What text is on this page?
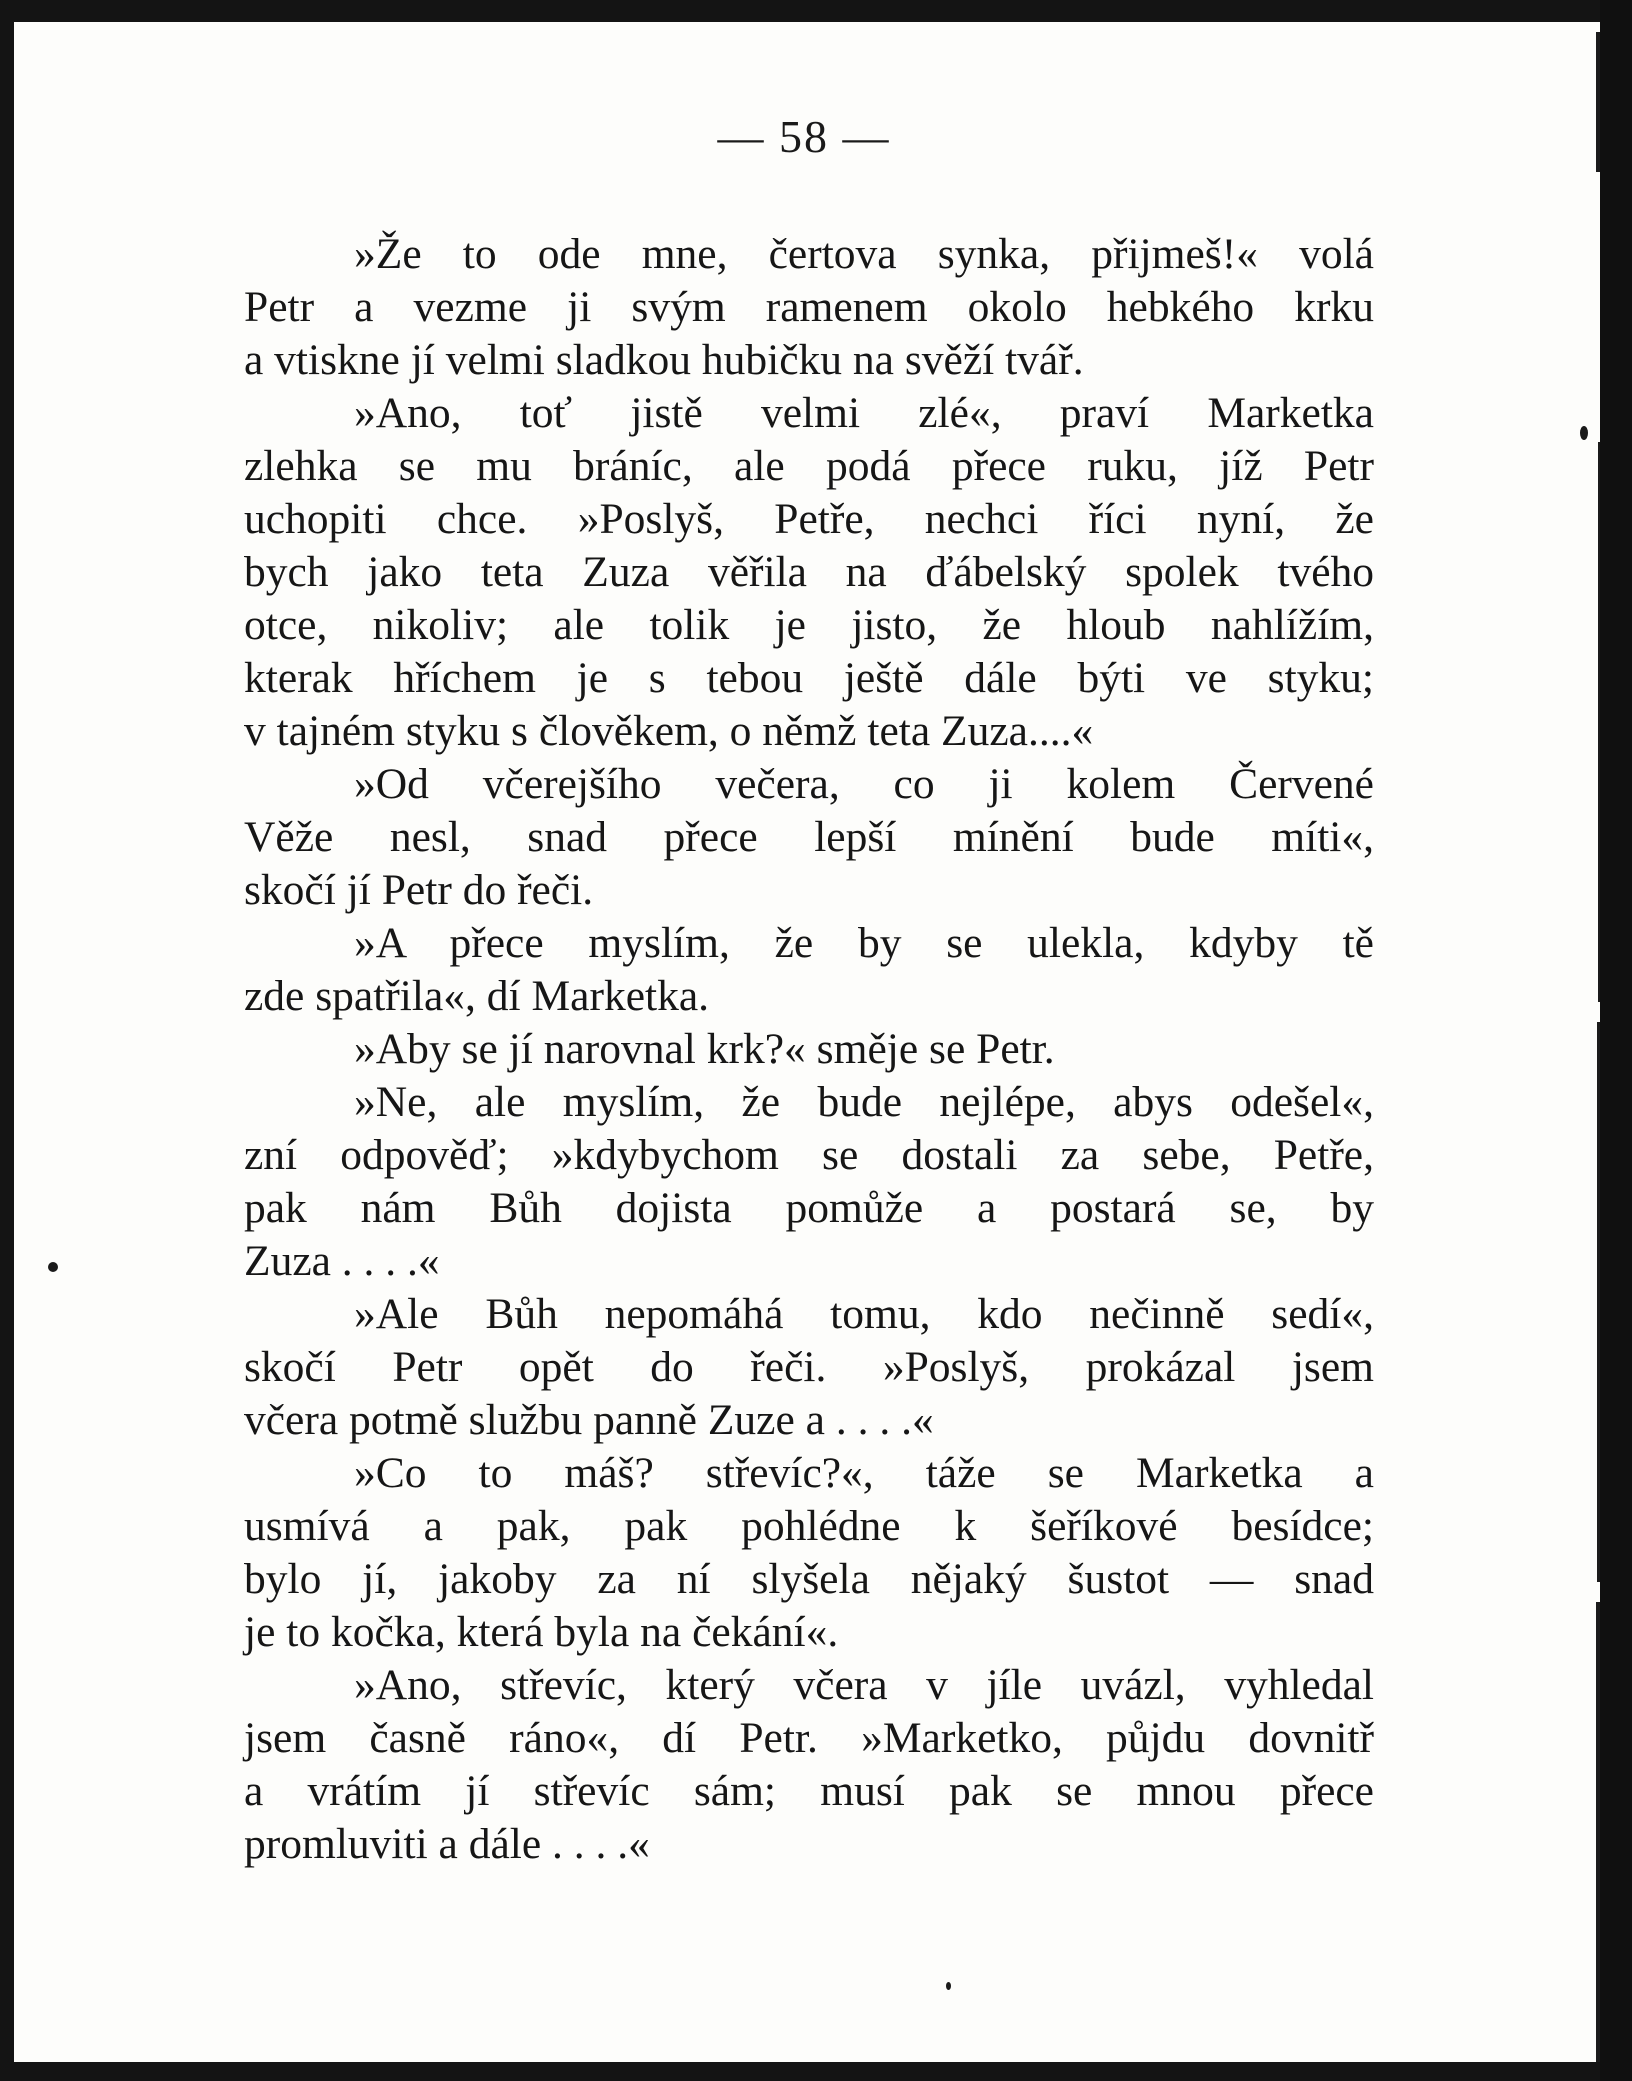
— 58 —

»Že to ode mne, čertova synka, přijmeš!« volá
Petr a vezme ji svým ramenem okolo hebkého krku
a vtiskne jí velmi sladkou hubičku na svěží tvář.

»Ano, toť jistě velmi zlé«, praví Marketka
zlehka se mu bráníc, ale podá přece ruku, jíž Petr
uchopiti chce. »Poslyš, Petře, nechci říci nyní, že
bych jako teta Zuza věřila na ďábelský spolek tvého
otce, nikoliv; ale tolik je jisto, že hloub nahlížím,
kterak hříchem je s tebou ještě dále býti ve styku;
v tajném styku s člověkem, o němž teta Zuza....«

»Od včerejšího večera, co ji kolem Červené
Věže nesl, snad přece lepší mínění bude míti«,
skočí jí Petr do řeči.

»A přece myslím, že by se ulekla, kdyby tě
zde spatřila«, dí Marketka.

»Aby se jí narovnal krk?« směje se Petr.

»Ne, ale myslím, že bude nejlépe, abys odešel«,
zní odpověď; »kdybychom se dostali za sebe, Petře,
pak nám Bůh dojista pomůže a postará se, by
Zuza . . . .«

»Ale Bůh nepomáhá tomu, kdo nečinně sedí«,
skočí Petr opět do řeči. »Poslyš, prokázal jsem
včera potmě službu panně Zuze a . . . .«

»Co to máš? střevíc?«, táže se Marketka a
usmívá a pak, pak pohlédne k šeříkové besídce;
bylo jí, jakoby za ní slyšela nějaký šustot — snad
je to kočka, která byla na čekání«.

»Ano, střevíc, který včera v jíle uvázl, vyhledal
jsem časně ráno«, dí Petr. »Marketko, půjdu dovnitř
a vrátím jí střevíc sám; musí pak se mnou přece
promluviti a dále . . . .«
